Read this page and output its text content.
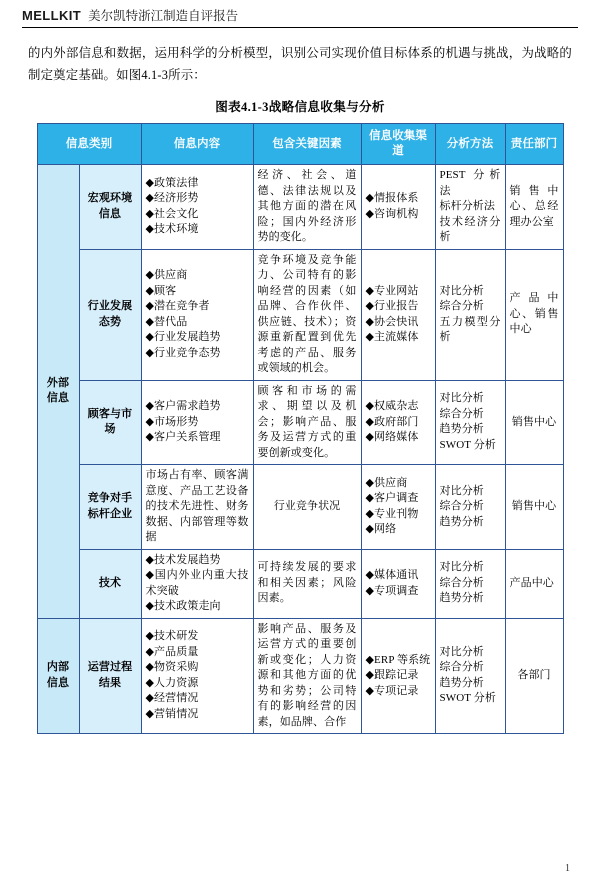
MELLKIT 美尔凯特浙江制造自评报告
的内外部信息和数据，运用科学的分析模型，识别公司实现价值目标体系的机遇与挑战，为战略的制定奠定基础。如图4.1-3所示：
图表4.1-3战略信息收集与分析
信息类别		信息内容	包含关键因素	信息收集渠道	分析方法	责任部门
外部信息	宏观环境信息	◆政策法律
◆经济形势
◆社会文化
◆技术环境	经济、社会、道德、法律法规以及其他方面的潜在风险；国内外经济形势的变化。	◆情报体系
◆咨询机构	PEST 分析法
标杆分析法
技术经济分析	销售中心、总经理办公室
行业发展态势	◆供应商
◆顾客
◆潜在竞争者
◆替代品
◆行业发展趋势
◆行业竞争态势	竞争环境及竞争能力、公司特有的影响经营的因素（如品牌、合作伙伴、供应链、技术）；资源重新配置到优先考虑的产品、服务或领域的机会。	◆专业网站
◆行业报告
◆协会快讯
◆主流媒体	对比分析
综合分析
五力模型分析	产品中心、销售中心
	顾客与市场	◆客户需求趋势
◆市场形势
◆客户关系管理	顾客和市场的需求、期望以及机会；影响产品、服务及运营方式的重要创新或变化。	◆权威杂志
◆政府部门
◆网络媒体	对比分析
综合分析
趋势分析
SWOT 分析	销售中心
	竞争对手标杆企业	市场占有率、顾客满意度、产品工艺设备的技术先进性、财务数据、内部管理等数据	行业竞争状况	◆供应商
◆客户调查
◆专业刊物
◆网络	对比分析
综合分析
趋势分析	销售中心
	技术	◆技术发展趋势
◆国内外业内重大技术突破
◆技术政策走向	可持续发展的要求和相关因素；风险因素。	◆媒体通讯
◆专项调查	对比分析
综合分析
趋势分析	产品中心
内部信息	运营过程结果	◆技术研发
◆产品质量
◆物资采购
◆人力资源
◆经营情况
◆营销情况	影响产品、服务及运营方式的重要创新或变化；人力资源和其他方面的优势和劣势；公司特有的影响经营的因素，如品牌、合作	◆ERP 等系统
◆跟踪记录
◆专项记录	对比分析
综合分析
趋势分析
SWOT 分析	各部门
1
